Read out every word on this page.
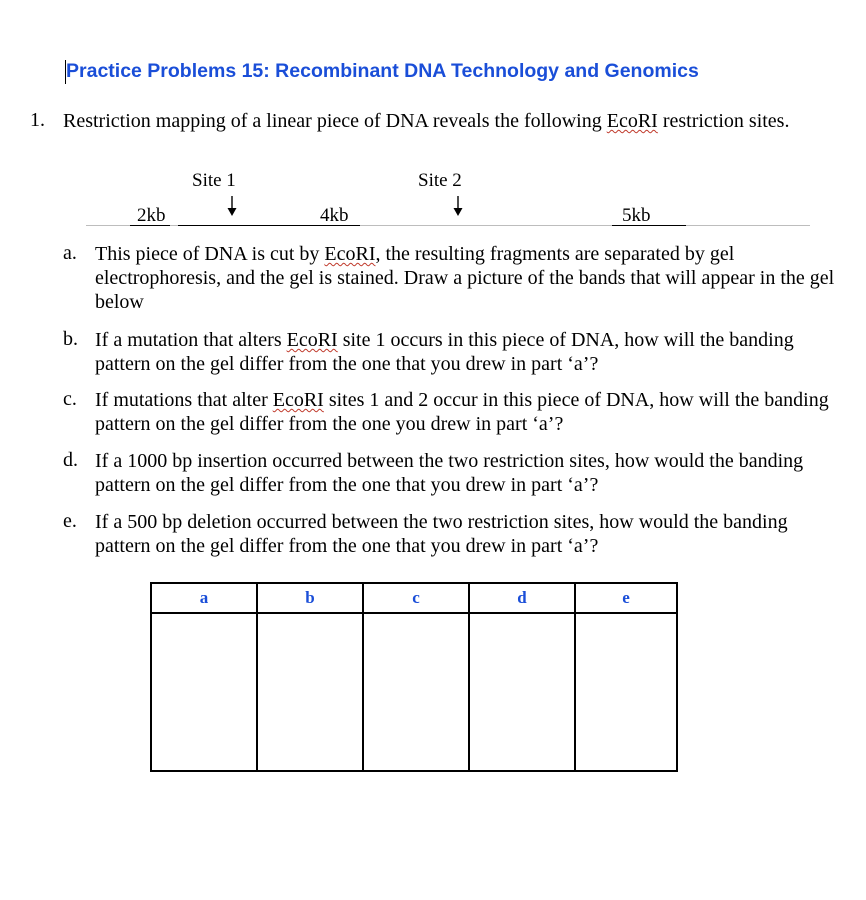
Practice Problems 15: Recombinant DNA Technology and Genomics
1. Restriction mapping of a linear piece of DNA reveals the following EcoRI restriction sites.
Site 1	Site 2
2kb	4kb	5kb
a. This piece of DNA is cut by EcoRI, the resulting fragments are separated by gel electrophoresis, and the gel is stained. Draw a picture of the bands that will appear in the gel below
b. If a mutation that alters EcoRI site 1 occurs in this piece of DNA, how will the banding pattern on the gel differ from the one that you drew in part ‘a’?
c. If mutations that alter EcoRI sites 1 and 2 occur in this piece of DNA, how will the banding pattern on the gel differ from the one you drew in part ‘a’?
d. If a 1000 bp insertion occurred between the two restriction sites, how would the banding pattern on the gel differ from the one that you drew in part ‘a’?
e. If a 500 bp deletion occurred between the two restriction sites, how would the banding pattern on the gel differ from the one that you drew in part ‘a’?
a	b	c	d	e
